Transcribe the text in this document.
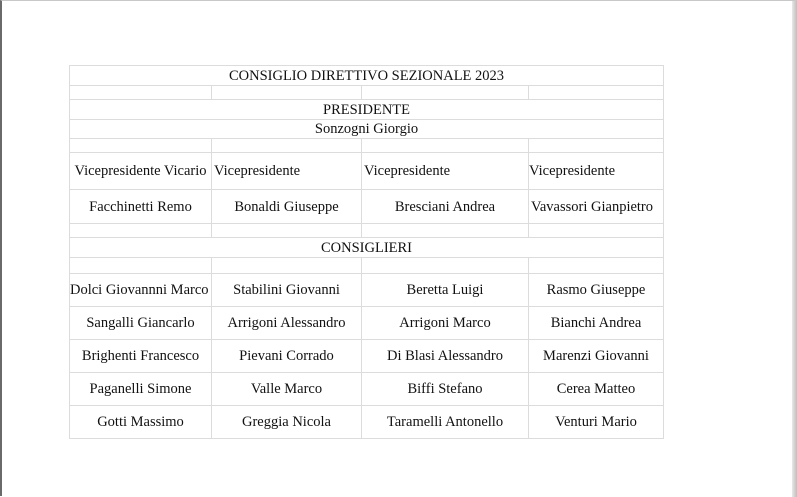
CONSIGLIO DIRETTIVO SEZIONALE 2023			

PRESIDENTE			
Sonzogni Giorgio			

Vicepresidente Vicario	Vicepresidente	Vicepresidente	Vicepresidente
Facchinetti Remo	Bonaldi Giuseppe	Bresciani Andrea	Vavassori Gianpietro

CONSIGLIERI			

Dolci Giovannni Marco	Stabilini Giovanni	Beretta Luigi	Rasmo Giuseppe
Sangalli Giancarlo	Arrigoni Alessandro	Arrigoni Marco	Bianchi Andrea
Brighenti Francesco	Pievani Corrado	Di Blasi Alessandro	Marenzi Giovanni
Paganelli Simone	Valle Marco	Biffi Stefano	Cerea Matteo
Gotti Massimo	Greggia Nicola	Taramelli Antonello	Venturi Mario
